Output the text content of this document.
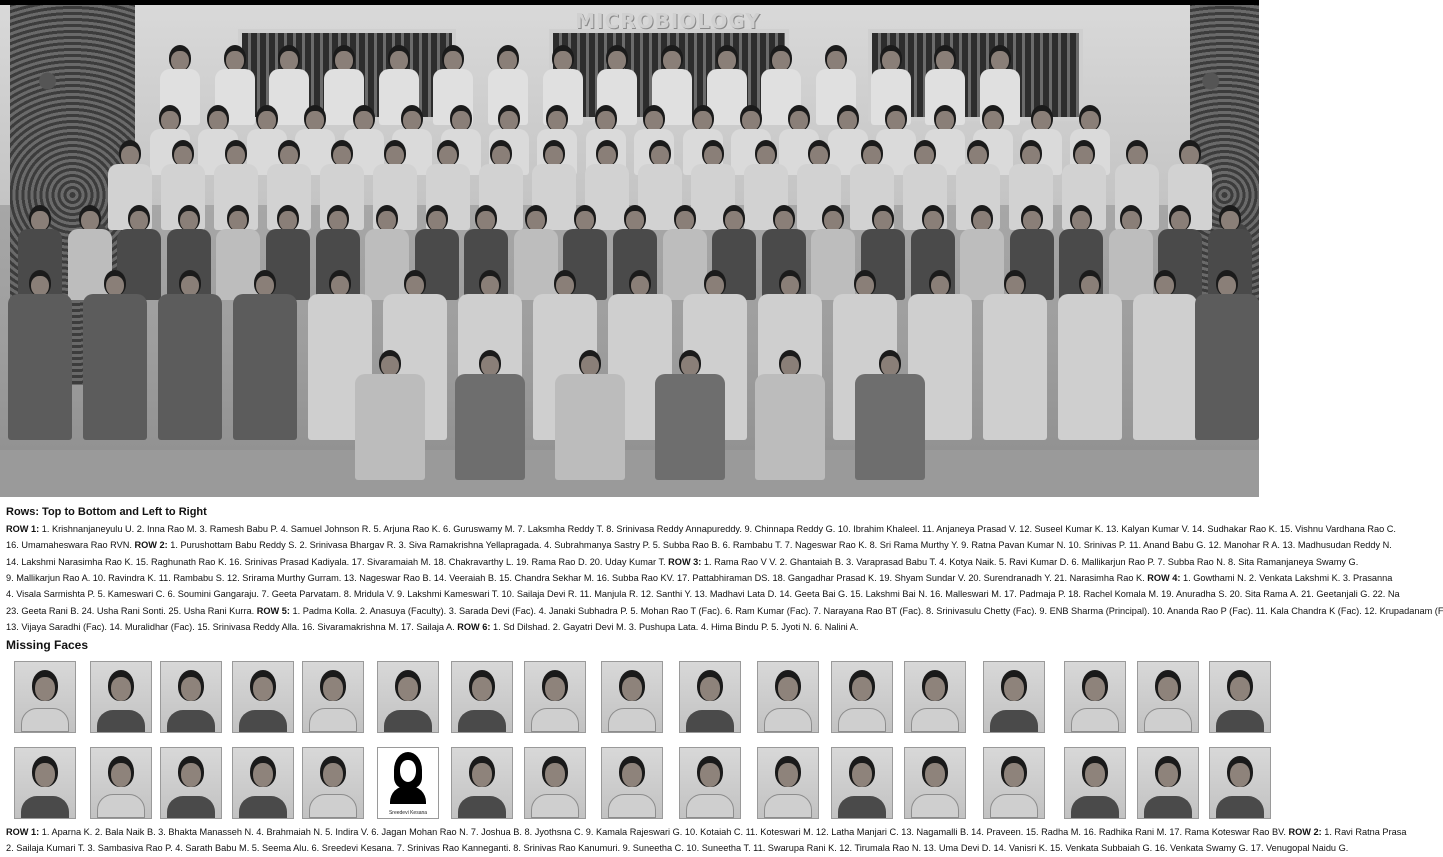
MICROBIOLOGY
Rows: Top to Bottom and Left to Right
ROW 1: 1. Krishnanjaneyulu U. 2. Inna Rao M. 3. Ramesh Babu P. 4. Samuel Johnson R. 5. Arjuna Rao K. 6. Guruswamy M. 7. Laksmha Reddy T. 8. Srinivasa Reddy Annapureddy. 9. Chinnapa Reddy G. 10. Ibrahim Khaleel. 11. Anjaneya Prasad V. 12. Suseel Kumar K. 13. Kalyan Kumar V. 14. Sudhakar Rao K. 15. Vishnu Vardhana Rao C.
16. Umamaheswara Rao RVN. ROW 2: 1. Purushottam Babu Reddy S. 2. Srinivasa Bhargav R. 3. Siva Ramakrishna Yellapragada. 4. Subrahmanya Sastry P. 5. Subba Rao B. 6. Rambabu T. 7. Nageswar Rao K. 8. Sri Rama Murthy Y. 9. Ratna Pavan Kumar N. 10. Srinivas P. 11. Anand Babu G. 12. Manohar R A. 13. Madhusudan Reddy N.
14. Lakshmi Narasimha Rao K. 15. Raghunath Rao K. 16. Srinivas Prasad Kadiyala. 17. Sivaramaiah M. 18. Chakravarthy L. 19. Rama Rao D. 20. Uday Kumar T. ROW 3: 1. Rama Rao V V. 2. Ghantaiah B. 3. Varaprasad Babu T. 4. Kotya Naik. 5. Ravi Kumar D. 6. Mallikarjun Rao P. 7. Subba Rao N. 8. Sita Ramanjaneya Swamy G.
9. Mallikarjun Rao A. 10. Ravindra K. 11. Rambabu S. 12. Srirama Murthy Gurram. 13. Nageswar Rao B. 14. Veeraiah B. 15. Chandra Sekhar M. 16. Subba Rao KV. 17. Pattabhiraman DS. 18. Gangadhar Prasad K. 19. Shyam Sundar V. 20. Surendranadh Y. 21. Narasimha Rao K. ROW 4: 1. Gowthami N. 2. Venkata Lakshmi K. 3. Prasanna
4. Visala Sarmishta P. 5. Kameswari C. 6. Soumini Gangaraju. 7. Geeta Parvatam. 8. Mridula V. 9. Lakshmi Kameswari T. 10. Sailaja Devi R. 11. Manjula R. 12. Santhi Y. 13. Madhavi Lata D. 14. Geeta Bai G. 15. Lakshmi Bai N. 16. Malleswari M. 17. Padmaja P. 18. Rachel Komala M. 19. Anuradha S. 20. Sita Rama A. 21. Geetanjali G. 22. Na
23. Geeta Rani B. 24. Usha Rani Sonti. 25. Usha Rani Kurra. ROW 5: 1. Padma Kolla. 2. Anasuya (Faculty). 3. Sarada Devi (Fac). 4. Janaki Subhadra P. 5. Mohan Rao T (Fac). 6. Ram Kumar (Fac). 7. Narayana Rao BT (Fac). 8. Srinivasulu Chetty (Fac). 9. ENB Sharma (Principal). 10. Ananda Rao P (Fac). 11. Kala Chandra K (Fac). 12. Krupadanam (F
13. Vijaya Saradhi (Fac). 14. Muralidhar (Fac). 15. Srinivasa Reddy Alla. 16. Sivaramakrishna M. 17. Sailaja A. ROW 6: 1. Sd Dilshad. 2. Gayatri Devi M. 3. Pushupa Lata. 4. Hima Bindu P. 5. Jyoti N. 6. Nalini A.
Missing Faces
Sreedevi Kesana
ROW 1: 1. Aparna K. 2. Bala Naik B. 3. Bhakta Manasseh N. 4. Brahmaiah N. 5. Indira V. 6. Jagan Mohan Rao N. 7. Joshua B. 8. Jyothsna C. 9. Kamala Rajeswari G. 10. Kotaiah C. 11. Koteswari M. 12. Latha Manjari C. 13. Nagamalli B. 14. Praveen. 15. Radha M. 16. Radhika Rani M. 17. Rama Koteswar Rao BV. ROW 2: 1. Ravi Ratna Prasa
2. Sailaja Kumari T. 3. Sambasiva Rao P. 4. Sarath Babu M. 5. Seema Alu. 6. Sreedevi Kesana. 7. Srinivas Rao Kanneganti. 8. Srinivas Rao Kanumuri. 9. Suneetha C. 10. Suneetha T. 11. Swarupa Rani K. 12. Tirumala Rao N. 13. Uma Devi D. 14. Vanisri K. 15. Venkata Subbaiah G. 16. Venkata Swamy G. 17. Venugopal Naidu G.
